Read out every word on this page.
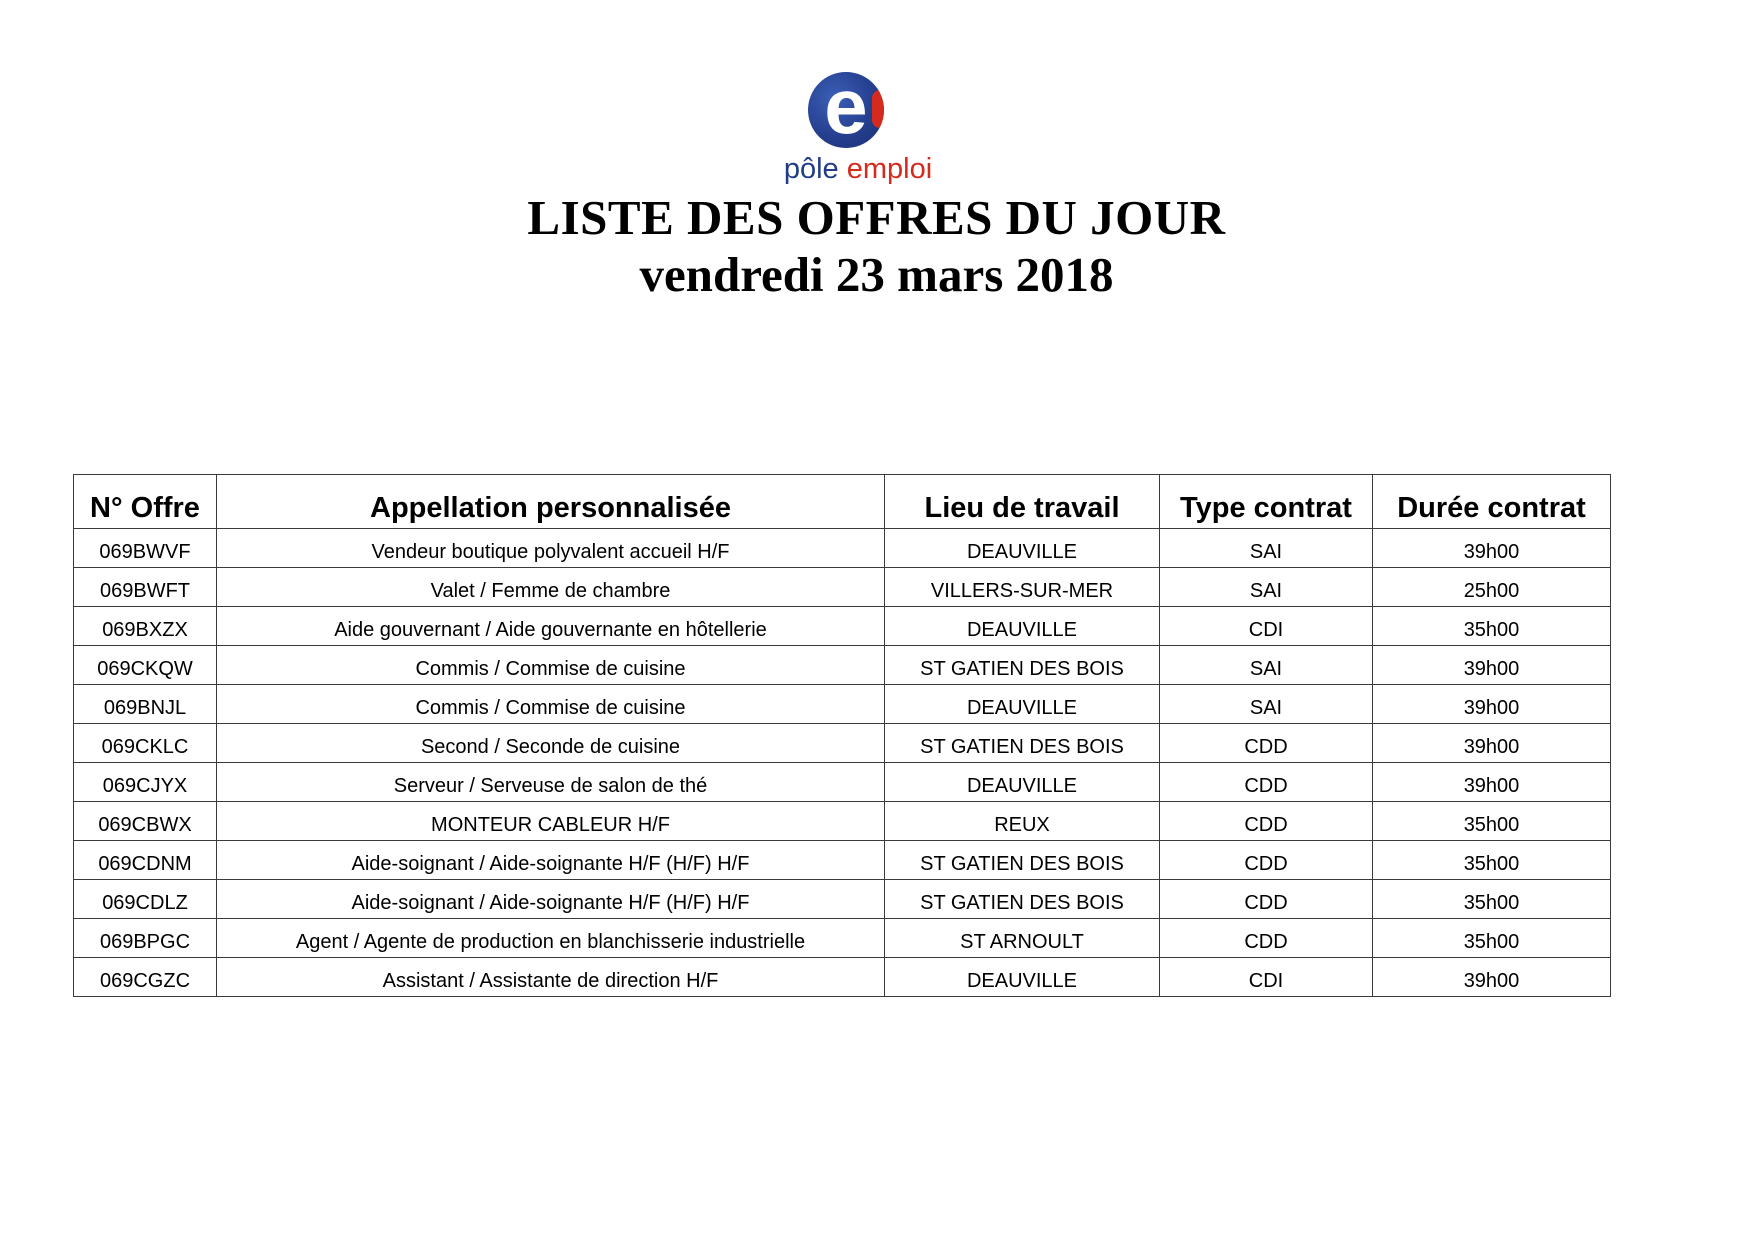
e
pôle emploi
LISTE DES OFFRES DU JOUR
vendredi 23 mars 2018
N° Offre	Appellation personnalisée	Lieu de travail	Type contrat	Durée contrat
069BWVF	Vendeur boutique polyvalent accueil H/F	DEAUVILLE	SAI	39h00
069BWFT	Valet / Femme de chambre	VILLERS-SUR-MER	SAI	25h00
069BXZX	Aide gouvernant / Aide gouvernante en hôtellerie	DEAUVILLE	CDI	35h00
069CKQW	Commis / Commise de cuisine	ST GATIEN DES BOIS	SAI	39h00
069BNJL	Commis / Commise de cuisine	DEAUVILLE	SAI	39h00
069CKLC	Second / Seconde de cuisine	ST GATIEN DES BOIS	CDD	39h00
069CJYX	Serveur / Serveuse de salon de thé	DEAUVILLE	CDD	39h00
069CBWX	MONTEUR CABLEUR H/F	REUX	CDD	35h00
069CDNM	Aide-soignant / Aide-soignante H/F (H/F) H/F	ST GATIEN DES BOIS	CDD	35h00
069CDLZ	Aide-soignant / Aide-soignante H/F (H/F) H/F	ST GATIEN DES BOIS	CDD	35h00
069BPGC	Agent / Agente de production en blanchisserie industrielle	ST ARNOULT	CDD	35h00
069CGZC	Assistant / Assistante de direction H/F	DEAUVILLE	CDI	39h00
